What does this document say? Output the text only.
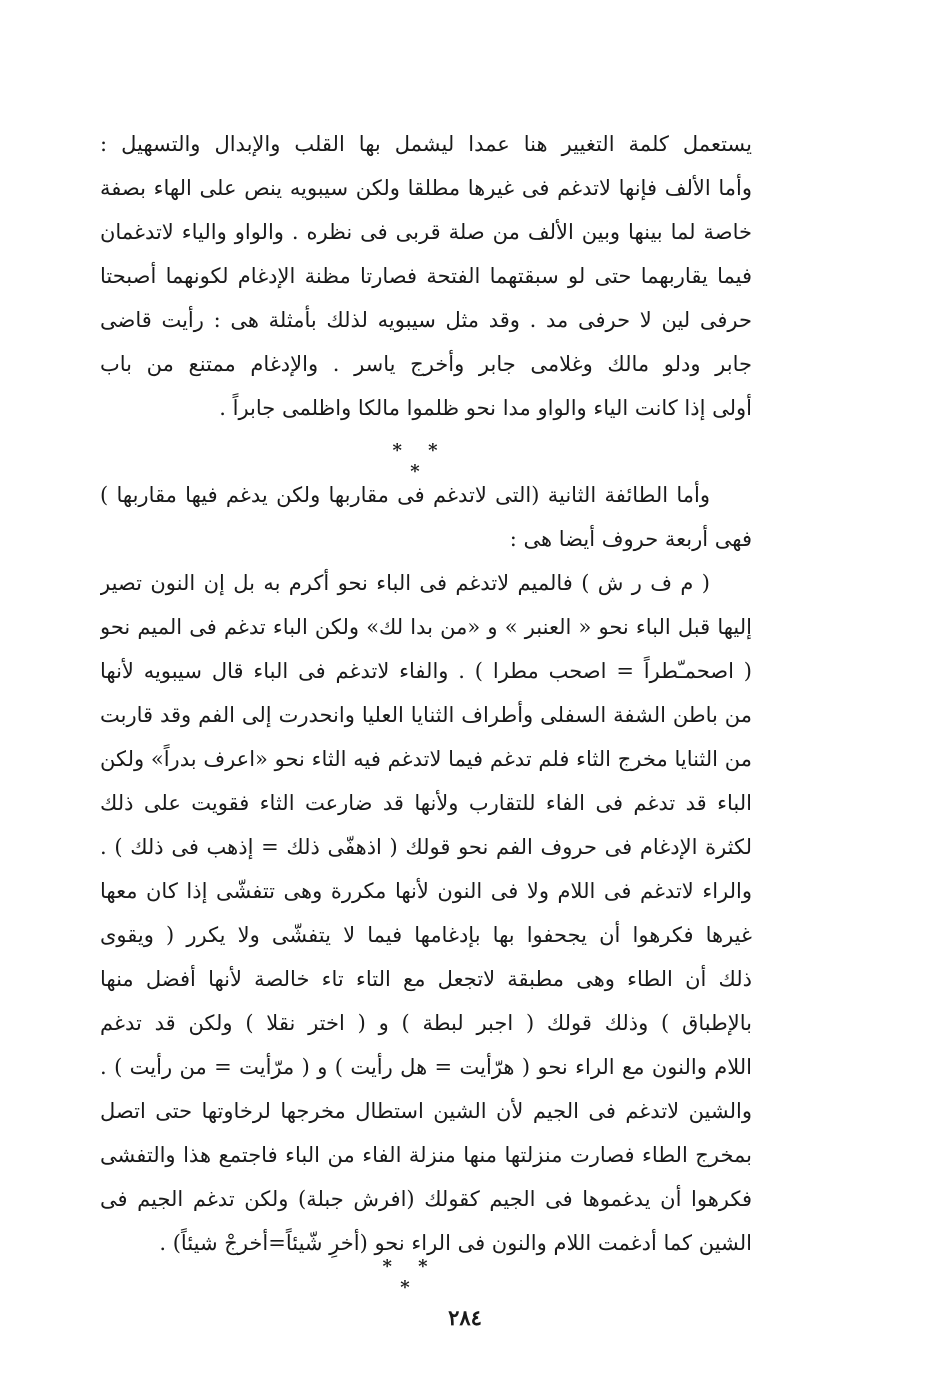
يستعمل كلمة التغيير هنا عمدا ليشمل بها القلب والإبدال والتسهيل :
وأما الألف فإنها لاتدغم فى غيرها مطلقا ولكن سيبويه ينص على الهاء بصفة
خاصة لما بينها وبين الألف من صلة قربى فى نظره . والواو والياء لاتدغمان
فيما يقاربهما حتى لو سبقتهما الفتحة فصارتا مظنة الإدغام لكونهما أصبحتا
حرفى لين لا حرفى مد . وقد مثل سيبويه لذلك بأمثلة هى : رأيت قاضى
جابر ودلو مالك وغلامى جابر وأخرج ياسر . والإدغام ممتنع من باب
أولى إذا كانت الياء والواو مدا نحو ظلموا مالكا واظلمى جابراً .
* * *
وأما الطائفة الثانية (التى لاتدغم فى مقاربها ولكن يدغم فيها مقاربها )
فهى أربعة حروف أيضا هى :
( م ف ر ش ) فالميم لاتدغم فى الباء نحو أكرم به بل إن النون تصير
إليها قبل الباء نحو « العنبر » و «من بدا لك» ولكن الباء تدغم فى الميم نحو
( اصحمـّطراً = اصحب مطرا ) . والفاء لاتدغم فى الباء قال سيبويه لأنها
من باطن الشفة السفلى وأطراف الثنايا العليا وانحدرت إلى الفم وقد قاربت
من الثنايا مخرج الثاء فلم تدغم فيما لاتدغم فيه الثاء نحو «اعرف بدراً» ولكن
الباء قد تدغم فى الفاء للتقارب ولأنها قد ضارعت الثاء فقويت على ذلك
لكثرة الإدغام فى حروف الفم نحو قولك ( اذهفّى ذلك = إذهب فى ذلك ) .
والراء لاتدغم فى اللام ولا فى النون لأنها مكررة وهى تتفشّى إذا كان معها
غيرها فكرهوا أن يجحفوا بها بإدغامها فيما لا يتفشّى ولا يكرر ( ويقوى
ذلك أن الطاء وهى مطبقة لاتجعل مع التاء تاء خالصة لأنها أفضل منها
بالإطباق ) وذلك قولك ( اجبر لبطة ) و ( اختر نقلا ) ولكن قد تدغم
اللام والنون مع الراء نحو ( هرّأيت = هل رأيت ) و ( مرّأيت = من رأيت ) .
والشين لاتدغم فى الجيم لأن الشين استطال مخرجها لرخاوتها حتى اتصل
بمخرج الطاء فصارت منزلتها منها منزلة الفاء من الباء فاجتمع هذا والتفشى
فكرهوا أن يدغموها فى الجيم كقولك (افرش جبلة) ولكن تدغم الجيم فى
الشين كما أدغمت اللام والنون فى الراء نحو (أخرِ شّيئاً=أخرجْ شيئاً) .
* * *
٢٨٤
